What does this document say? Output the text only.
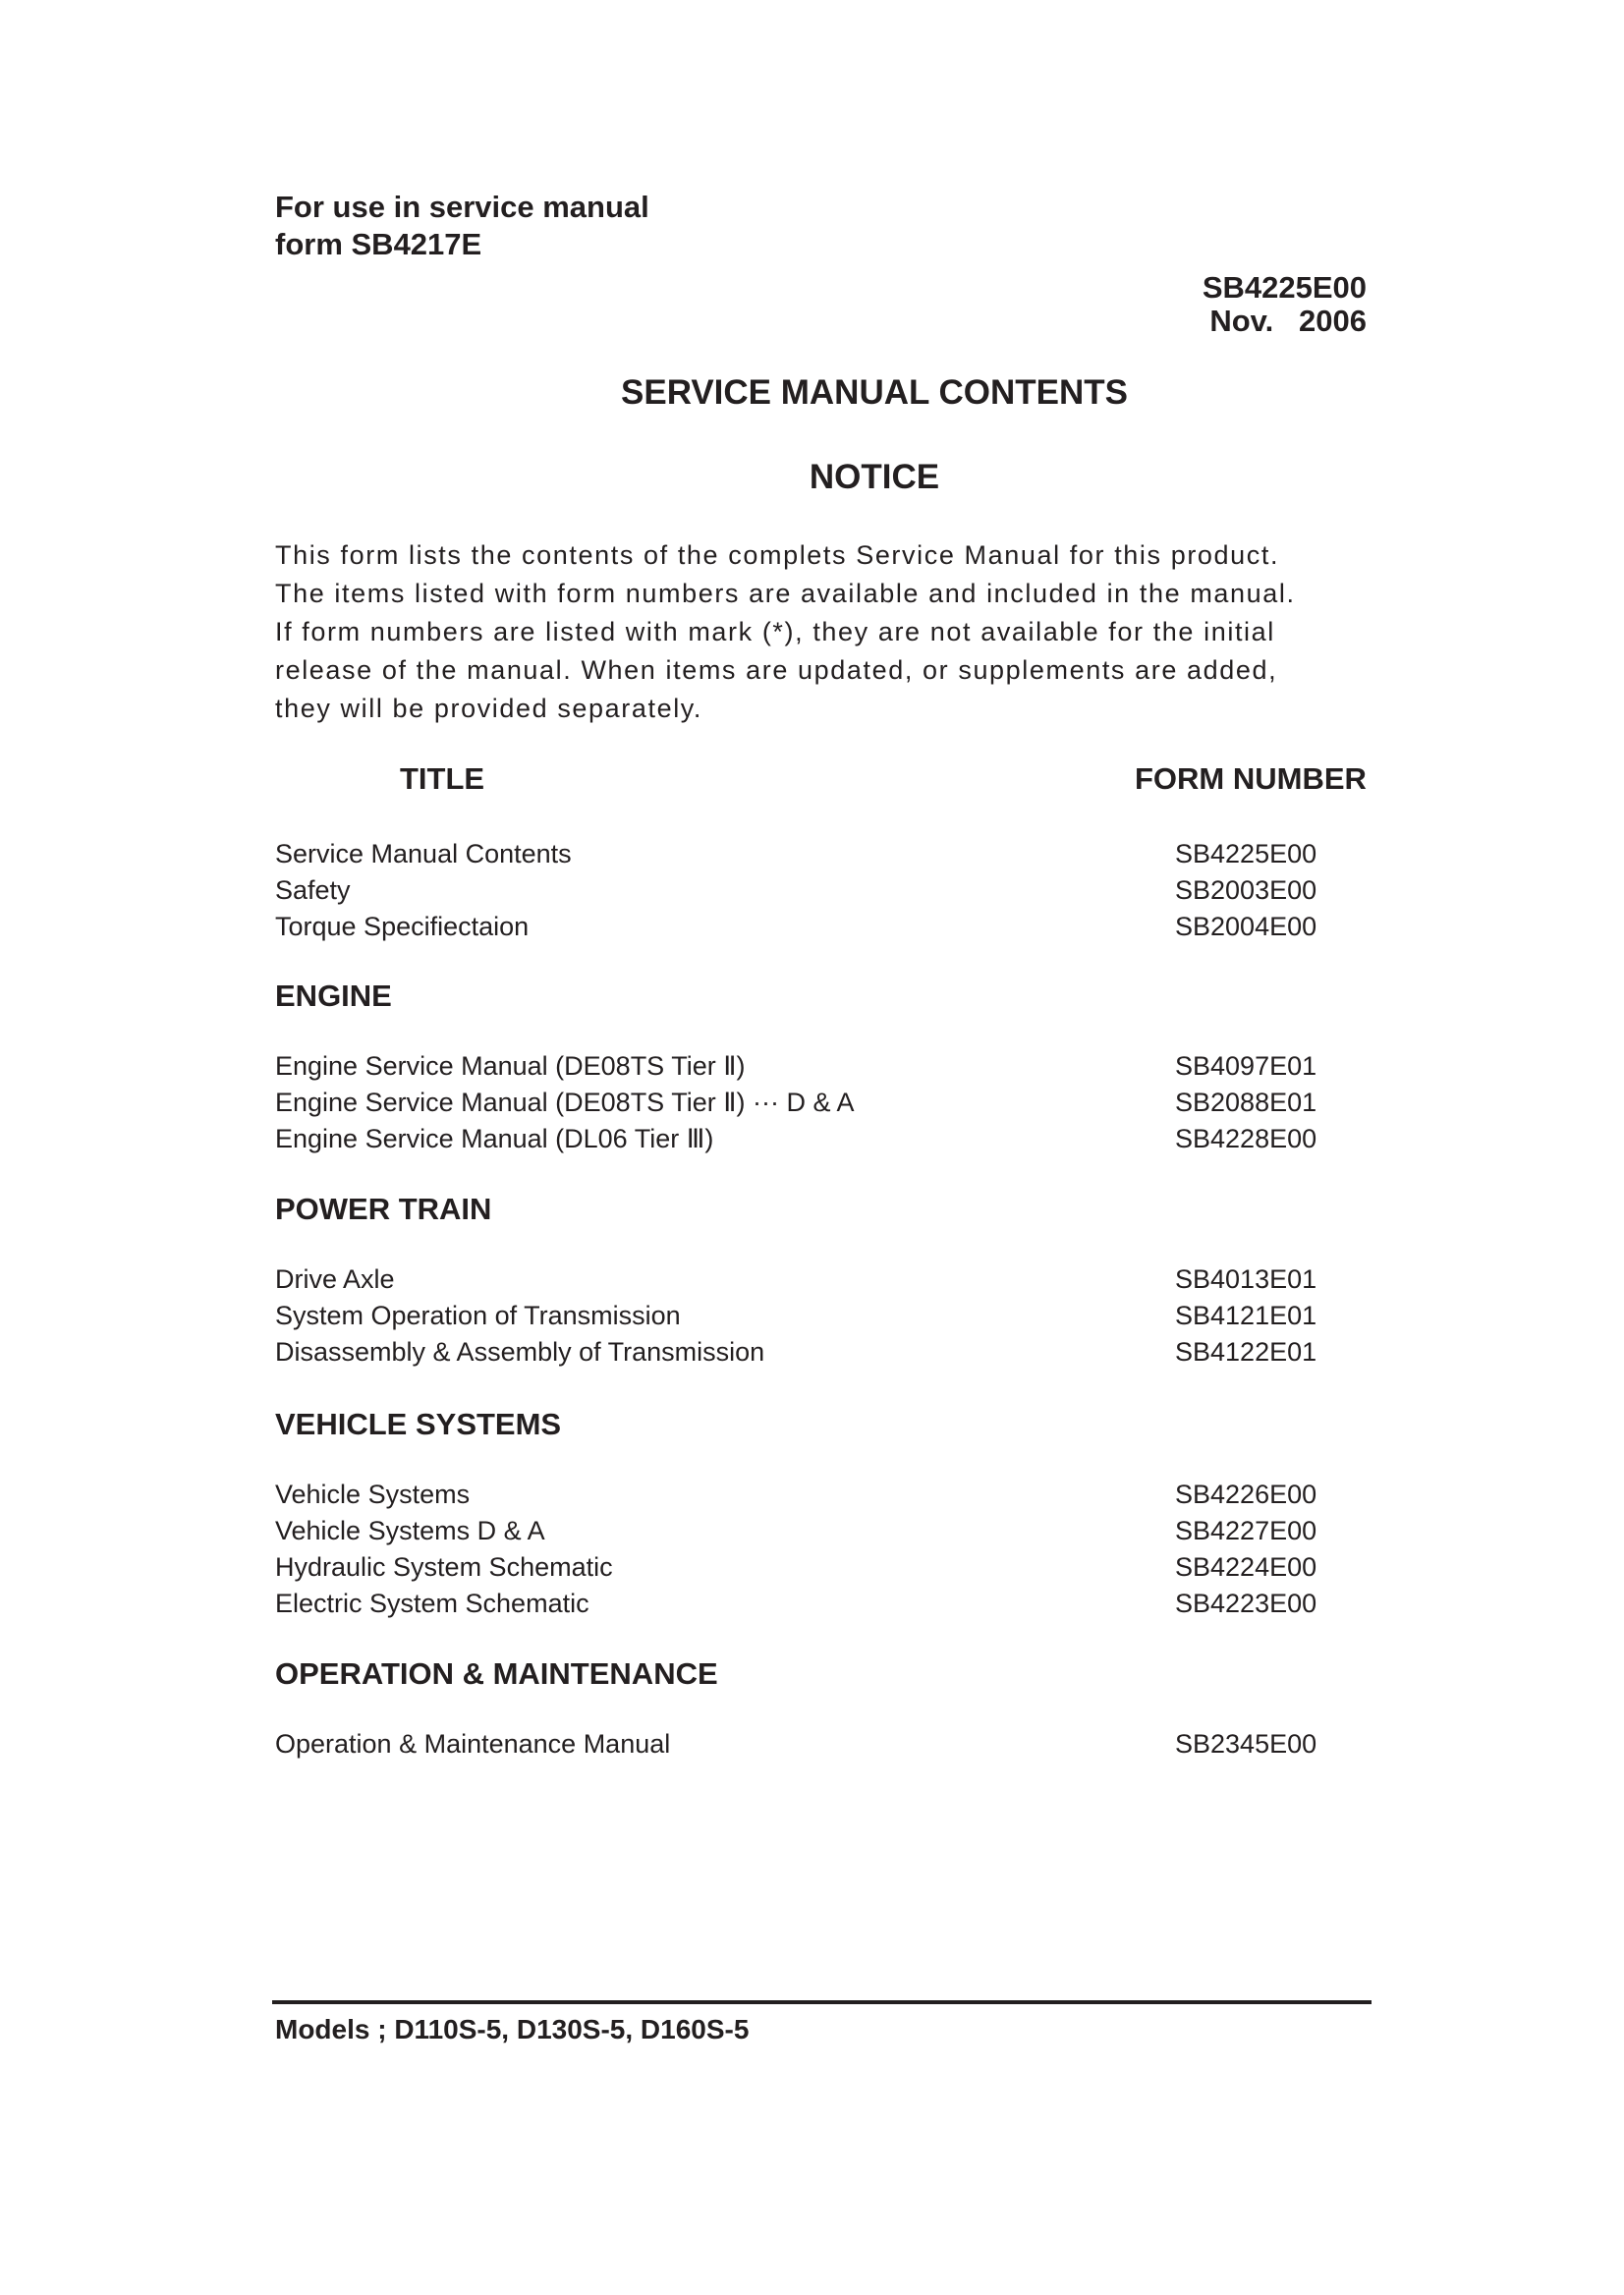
For use in service manual
form SB4217E
SB4225E00
Nov.   2006
SERVICE MANUAL CONTENTS
NOTICE
This form lists the contents of the complets Service Manual for this product.
The items listed with form numbers are available and included in the manual.
If form numbers are listed with mark (*), they are not available for the initial
release of the manual. When items are updated, or supplements are added,
they will be provided separately.
TITLE	FORM NUMBER
Service Manual Contents	SB4225E00
Safety	SB2003E00
Torque Specifiectaion	SB2004E00
ENGINE
Engine Service Manual (DE08TS Tier Ⅱ)	SB4097E01
Engine Service Manual (DE08TS Tier Ⅱ) ··· D & A	SB2088E01
Engine Service Manual (DL06 Tier Ⅲ)	SB4228E00
POWER TRAIN
Drive Axle	SB4013E01
System Operation of Transmission	SB4121E01
Disassembly & Assembly of Transmission	SB4122E01
VEHICLE SYSTEMS
Vehicle Systems	SB4226E00
Vehicle Systems D & A	SB4227E00
Hydraulic System Schematic	SB4224E00
Electric System Schematic	SB4223E00
OPERATION & MAINTENANCE
Operation & Maintenance Manual	SB2345E00
Models ; D110S-5, D130S-5, D160S-5
